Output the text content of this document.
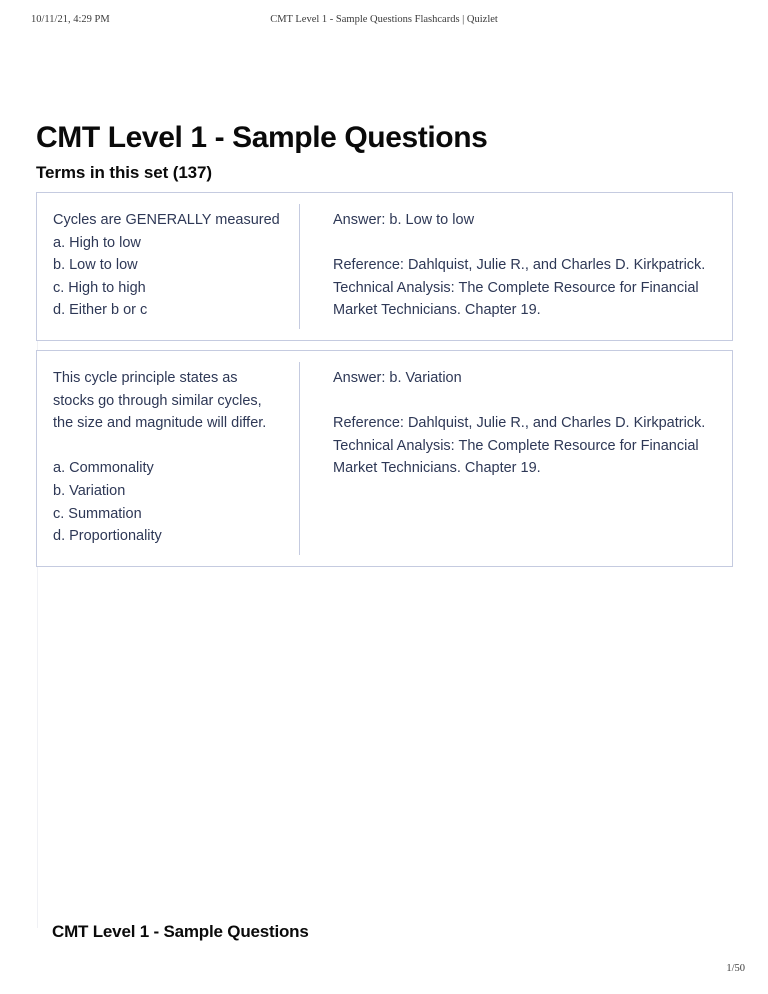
10/11/21, 4:29 PM	CMT Level 1 - Sample Questions Flashcards | Quizlet
CMT Level 1 - Sample Questions
Terms in this set (137)
Cycles are GENERALLY measured
a. High to low
b. Low to low
c. High to high
d. Either b or c
Answer: b. Low to low
Reference: Dahlquist, Julie R., and Charles D. Kirkpatrick. Technical Analysis: The Complete Resource for Financial Market Technicians. Chapter 19.
This cycle principle states as stocks go through similar cycles, the size and magnitude will differ.
a. Commonality
b. Variation
c. Summation
d. Proportionality
Answer: b. Variation
Reference: Dahlquist, Julie R., and Charles D. Kirkpatrick. Technical Analysis: The Complete Resource for Financial Market Technicians. Chapter 19.
CMT Level 1 - Sample Questions
1/50
